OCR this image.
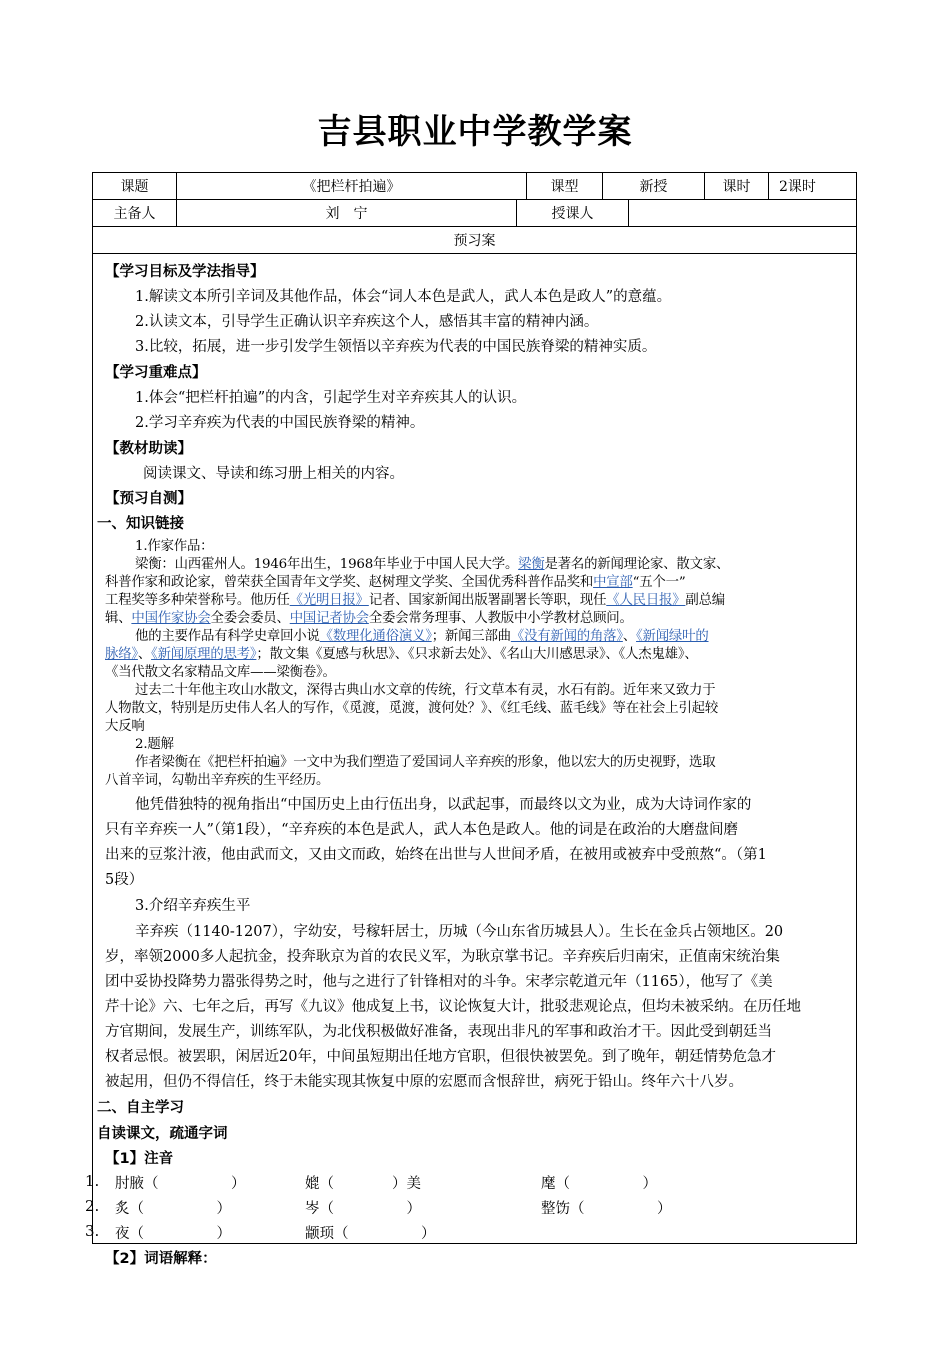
吉县职业中学教学案
课题	《把栏杆拍遍》	课型	新授	课时	2课时
主备人	刘　宁	授课人
预习案
【学习目标及学法指导】
1.解读文本所引辛词及其他作品，体会“词人本色是武人，武人本色是政人”的意蕴。
2.认读文本，引导学生正确认识辛弃疾这个人，感悟其丰富的精神内涵。
3.比较，拓展，进一步引发学生领悟以辛弃疾为代表的中国民族脊梁的精神实质。
【学习重难点】
1.体会“把栏杆拍遍”的内含，引起学生对辛弃疾其人的认识。
2.学习辛弃疾为代表的中国民族脊梁的精神。
【教材助读】
阅读课文、导读和练习册上相关的内容。
【预习自测】
一、知识链接
1.作家作品：
梁衡：山西霍州人。1946年出生，1968年毕业于中国人民大学。梁衡是著名的新闻理论家、散文家、
科普作家和政论家，曾荣获全国青年文学奖、赵树理文学奖、全国优秀科普作品奖和中宣部“五个一”
工程奖等多种荣誉称号。他历任《光明日报》记者、国家新闻出版署副署长等职，现任《人民日报》副总编
辑、中国作家协会全委会委员、中国记者协会全委会常务理事、人教版中小学教材总顾问。
他的主要作品有科学史章回小说《数理化通俗演义》；新闻三部曲《没有新闻的角落》、《新闻绿叶的
脉络》、《新闻原理的思考》；散文集《夏感与秋思》、《只求新去处》、《名山大川感思录》、《人杰鬼雄》、
《当代散文名家精品文库——梁衡卷》。
过去二十年他主攻山水散文，深得古典山水文章的传统，行文草本有灵，水石有韵。近年来又致力于
人物散文，特别是历史伟人名人的写作，《觅渡，觅渡，渡何处？》、《红毛线、蓝毛线》等在社会上引起较
大反响
2.题解
作者梁衡在《把栏杆拍遍》一文中为我们塑造了爱国词人辛弃疾的形象，他以宏大的历史视野，选取
八首辛词，勾勒出辛弃疾的生平经历。
他凭借独特的视角指出“中国历史上由行伍出身，以武起事，而最终以文为业，成为大诗词作家的
只有辛弃疾一人”（第1段），“辛弃疾的本色是武人，武人本色是政人。他的词是在政治的大磨盘间磨
出来的豆浆汁液，他由武而文，又由文而政，始终在出世与人世间矛盾，在被用或被弃中受煎熬“。（第1
5段）
3.介绍辛弃疾生平
辛弃疾（1140-1207），字幼安，号稼轩居士，历城（今山东省历城县人）。生长在金兵占领地区。20
岁，率领2000多人起抗金，投奔耿京为首的农民义军，为耿京掌书记。辛弃疾后归南宋，正值南宋统治集
团中妥协投降势力嚣张得势之时，他与之进行了针锋相对的斗争。宋孝宗乾道元年（1165），他写了《美
芹十论》六、七年之后，再写《九议》他成复上书，议论恢复大计，批驳悲观论点，但均未被采纳。在历任地
方官期间，发展生产，训练军队，为北伐积极做好准备，表现出非凡的军事和政治才干。因此受到朝廷当
权者忌恨。被罢职，闲居近20年，中间虽短期出任地方官职，但很快被罢免。到了晚年，朝廷情势危急才
被起用，但仍不得信任，终于未能实现其恢复中原的宏愿而含恨辞世，病死于铅山。终年六十八岁。
二、自主学习
自读课文，疏通字词
【1】注音
1. 肘腋（　　　　　）	媲（　　　　）美	麾（　　　　　）
2. 炙（　　　　　）	岑（　　　　　）	整饬（　　　　　）
3. 夜（　　　　　）	颛顼（　　　　　）
【2】词语解释：
